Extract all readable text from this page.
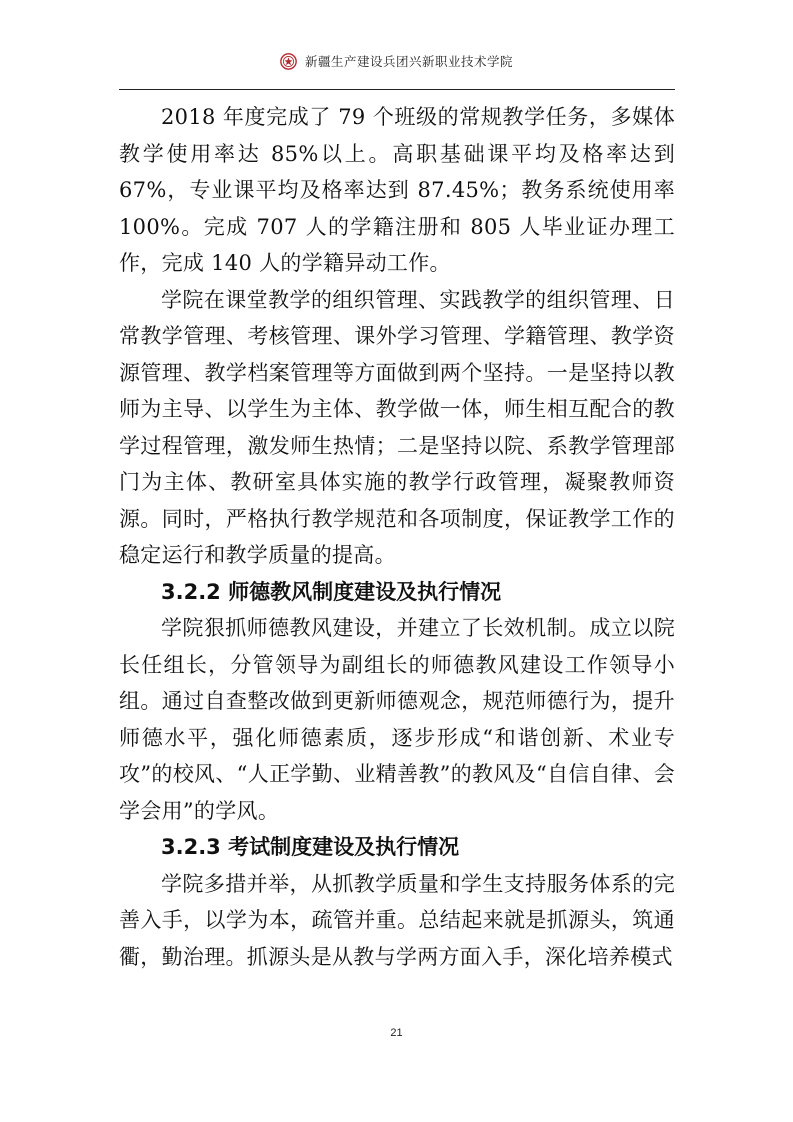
新疆生产建设兵团兴新职业技术学院

2018 年度完成了 79 个班级的常规教学任务，多媒体教学使用率达 85%以上。高职基础课平均及格率达到 67%，专业课平均及格率达到 87.45%；教务系统使用率 100%。完成 707 人的学籍注册和 805 人毕业证办理工作，完成 140 人的学籍异动工作。

学院在课堂教学的组织管理、实践教学的组织管理、日常教学管理、考核管理、课外学习管理、学籍管理、教学资源管理、教学档案管理等方面做到两个坚持。一是坚持以教师为主导、以学生为主体、教学做一体，师生相互配合的教学过程管理，激发师生热情；二是坚持以院、系教学管理部门为主体、教研室具体实施的教学行政管理，凝聚教师资源。同时，严格执行教学规范和各项制度，保证教学工作的稳定运行和教学质量的提高。

3.2.2 师德教风制度建设及执行情况

学院狠抓师德教风建设，并建立了长效机制。成立以院长任组长，分管领导为副组长的师德教风建设工作领导小组。通过自查整改做到更新师德观念，规范师德行为，提升师德水平，强化师德素质，逐步形成“和谐创新、术业专攻”的校风、“人正学勤、业精善教”的教风及“自信自律、会学会用”的学风。

3.2.3 考试制度建设及执行情况

学院多措并举，从抓教学质量和学生支持服务体系的完善入手，以学为本，疏管并重。总结起来就是抓源头，筑通衢，勤治理。抓源头是从教与学两方面入手，深化培养模式

21
